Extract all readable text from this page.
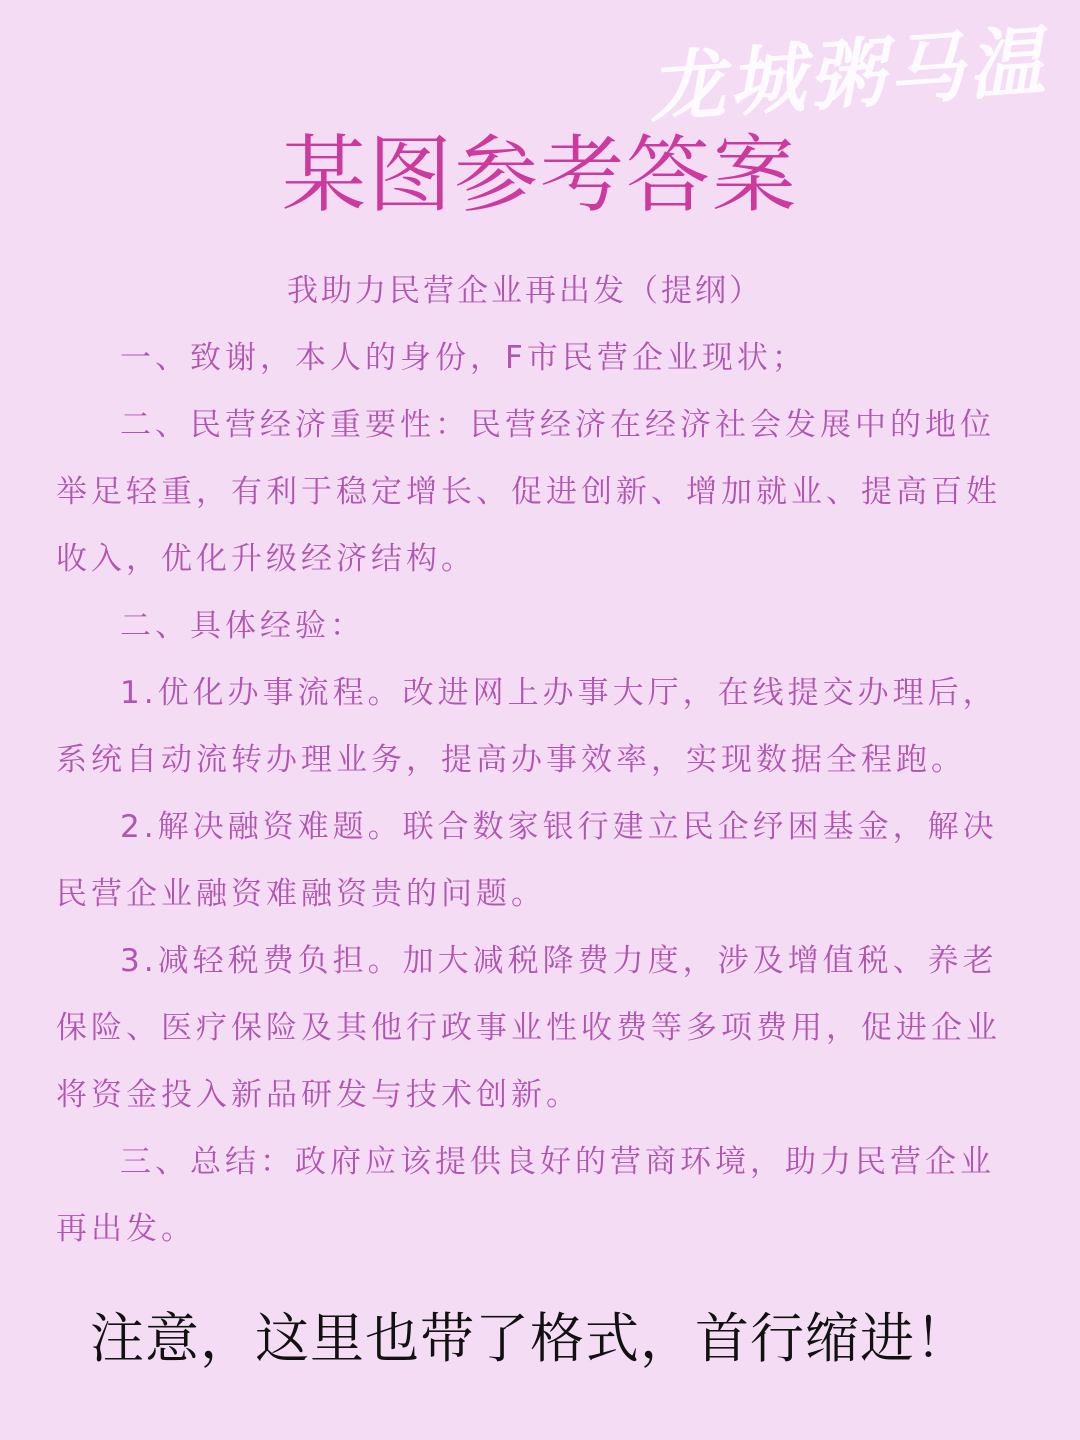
龙城粥马温
某图参考答案

我助力民营企业再出发（提纲）

一、致谢，本人的身份，F市民营企业现状；

二、民营经济重要性：民营经济在经济社会发展中的地位举足轻重，有利于稳定增长、促进创新、增加就业、提高百姓收入，优化升级经济结构。

二、具体经验：

1.优化办事流程。改进网上办事大厅，在线提交办理后，系统自动流转办理业务，提高办事效率，实现数据全程跑。

2.解决融资难题。联合数家银行建立民企纾困基金，解决民营企业融资难融资贵的问题。

3.减轻税费负担。加大减税降费力度，涉及增值税、养老保险、医疗保险及其他行政事业性收费等多项费用，促进企业将资金投入新品研发与技术创新。

三、总结：政府应该提供良好的营商环境，助力民营企业再出发。

注意，这里也带了格式，首行缩进！
